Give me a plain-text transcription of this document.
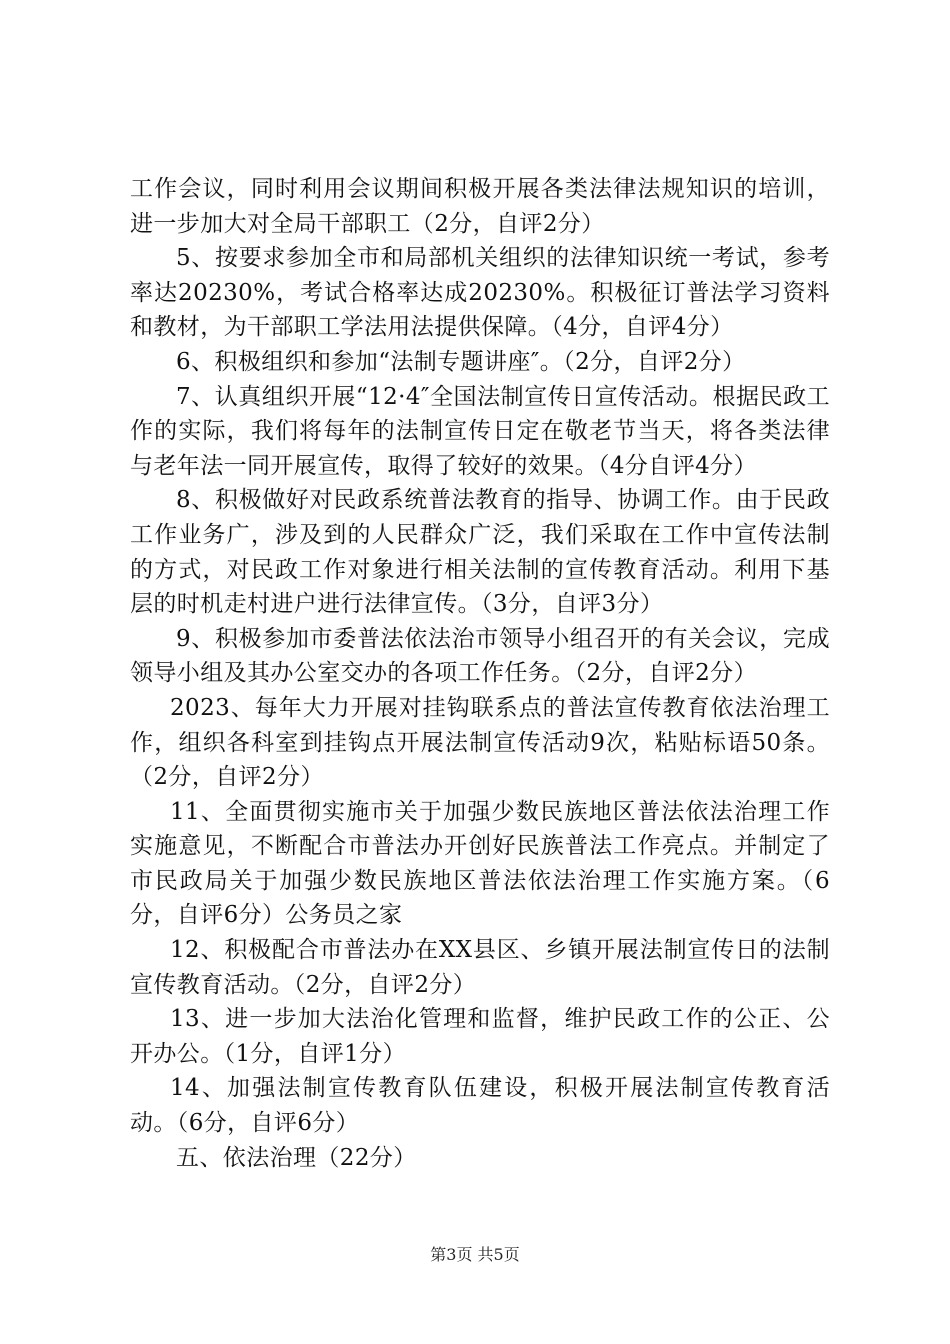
工作会议，同时利用会议期间积极开展各类法律法规知识的培训，进一步加大对全局干部职工（2分，自评2分）

5、按要求参加全市和局部机关组织的法律知识统一考试，参考率达20230%，考试合格率达成20230%。积极征订普法学习资料和教材，为干部职工学法用法提供保障。（4分，自评4分）

6、积极组织和参加“法制专题讲座″。（2分，自评2分）

7、认真组织开展“12·4″全国法制宣传日宣传活动。根据民政工作的实际，我们将每年的法制宣传日定在敬老节当天，将各类法律与老年法一同开展宣传，取得了较好的效果。（4分自评4分）

8、积极做好对民政系统普法教育的指导、协调工作。由于民政工作业务广，涉及到的人民群众广泛，我们采取在工作中宣传法制的方式，对民政工作对象进行相关法制的宣传教育活动。利用下基层的时机走村进户进行法律宣传。（3分，自评3分）

9、积极参加市委普法依法治市领导小组召开的有关会议，完成领导小组及其办公室交办的各项工作任务。（2分，自评2分）

2023、每年大力开展对挂钩联系点的普法宣传教育依法治理工作，组织各科室到挂钩点开展法制宣传活动9次，粘贴标语50条。（2分，自评2分）

11、全面贯彻实施市关于加强少数民族地区普法依法治理工作实施意见，不断配合市普法办开创好民族普法工作亮点。并制定了市民政局关于加强少数民族地区普法依法治理工作实施方案。（6分，自评6分）公务员之家

12、积极配合市普法办在XX县区、乡镇开展法制宣传日的法制宣传教育活动。（2分，自评2分）

13、进一步加大法治化管理和监督，维护民政工作的公正、公开办公。（1分，自评1分）

14、加强法制宣传教育队伍建设，积极开展法制宣传教育活动。（6分，自评6分）

五、依法治理（22分）

第3页 共5页
